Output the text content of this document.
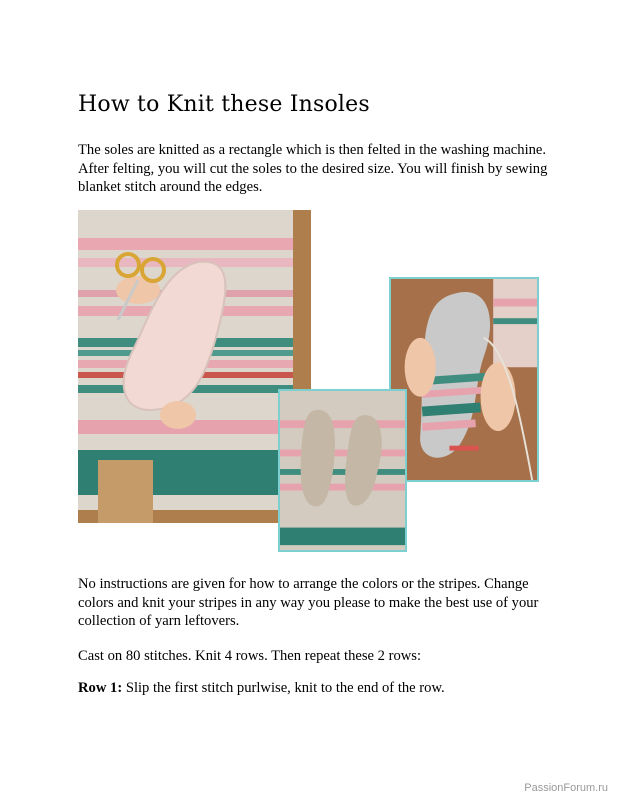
How to Knit these Insoles

The soles are knitted as a rectangle which is then felted in the washing machine. After felting, you will cut the soles to the desired size. You will finish by sewing blanket stitch around the edges.

No instructions are given for how to arrange the colors or the stripes. Change colors and knit your stripes in any way you please to make the best use of your collection of yarn leftovers.

Cast on 80 stitches. Knit 4 rows. Then repeat these 2 rows:

Row 1: Slip the first stitch purlwise, knit to the end of the row.

PassionForum.ru
